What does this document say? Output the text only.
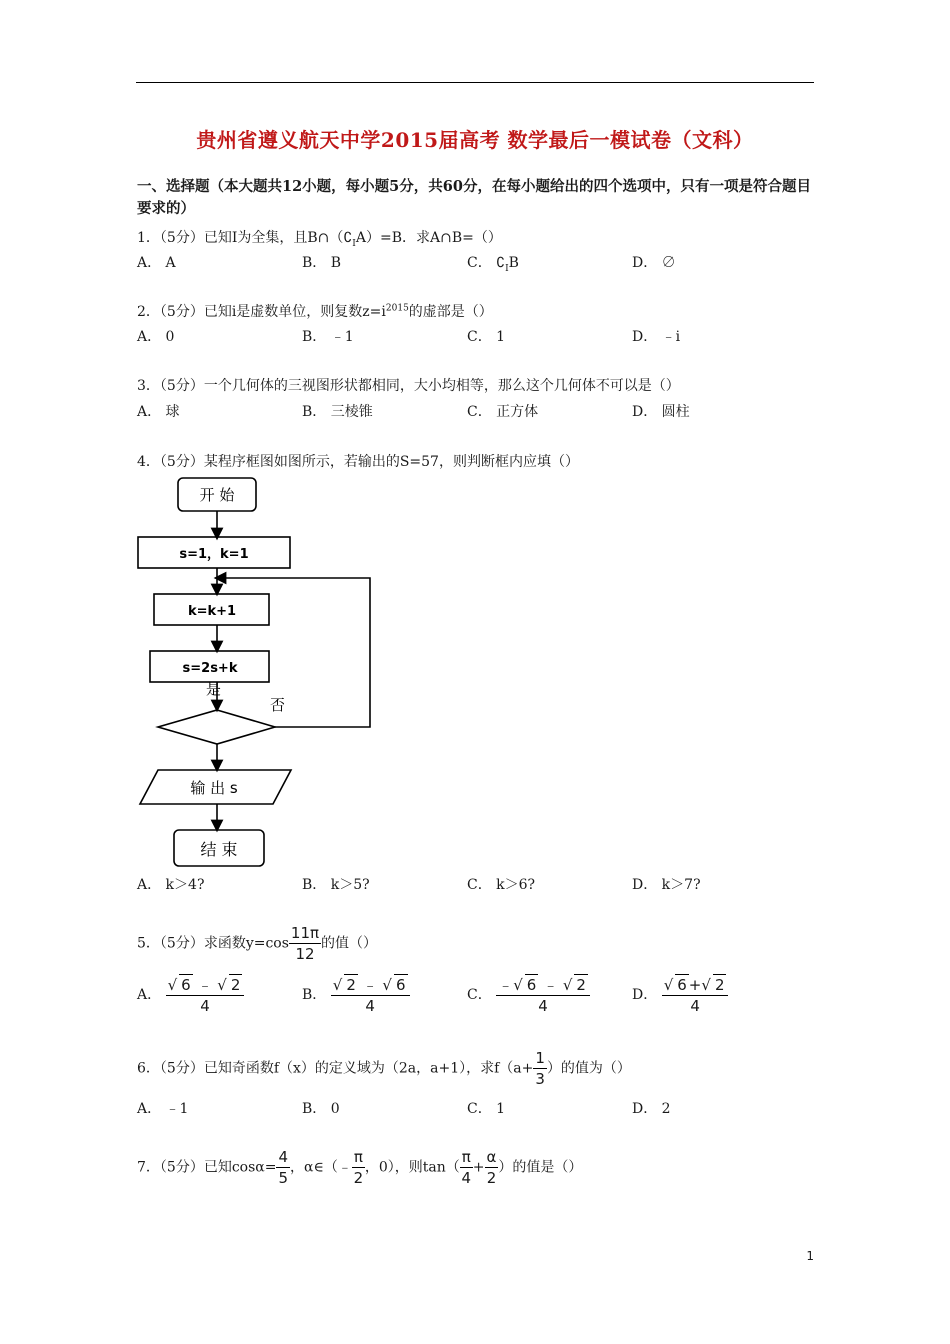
贵州省遵义航天中学2015届高考 数学最后一模试卷（文科）
一、选择题（本大题共12小题，每小题5分，共60分，在每小题给出的四个选项中，只有一项是符合题目要求的）
1．（5分）已知I为全集，且$B\cap(∁_IA)=B$．求A∩B=（）
A． A	B． B	C． $∁_IB$	D． ∅
2．（5分）已知i是虚数单位，则复数$z=i^{2015}$的虚部是（）
A． 0	B． ﹣1	C． 1	D． ﹣i
3．（5分）一个几何体的三视图形状都相同，大小均相等，那么这个几何体不可以是（）
A． 球	B． 三棱锥	C． 正方体	D． 圆柱
4．（5分）某程序框图如图所示，若输出的S=57，则判断框内应填（）
开 始
s=1，k=1
k=k+1
s=2s+k
是
否
输 出 s
结 束
A． k＞4?	B． k＞5?	C． k＞6?	D． k＞7?
5．（5分）求函数$y=\cos \frac{11\pi}{12}$ 的值（）
A． $\frac{√ 6 ﹣ √ 2}{4}$	B． $\frac{√ 2 ﹣ √ 6}{4}$	C． $\frac{﹣√ 6 ﹣ √ 2}{4}$	D． $\frac{√ 6 +√ 2}{4}$
6．（5分）已知奇函数f（x）的定义域为（2a，a+1），求$f(a+ \frac{1}{3}$ ）的值为（）
A． ﹣1	B． 0	C． 1	D． 2
7．（5分）已知$\cos\alpha= \frac{4}{5}$ ，α∈（﹣ $\frac{\pi}{2}$ ，0），则$\tan( \frac{\pi}{4} + \frac{\alpha}{2}$ ）的值是（）
1
